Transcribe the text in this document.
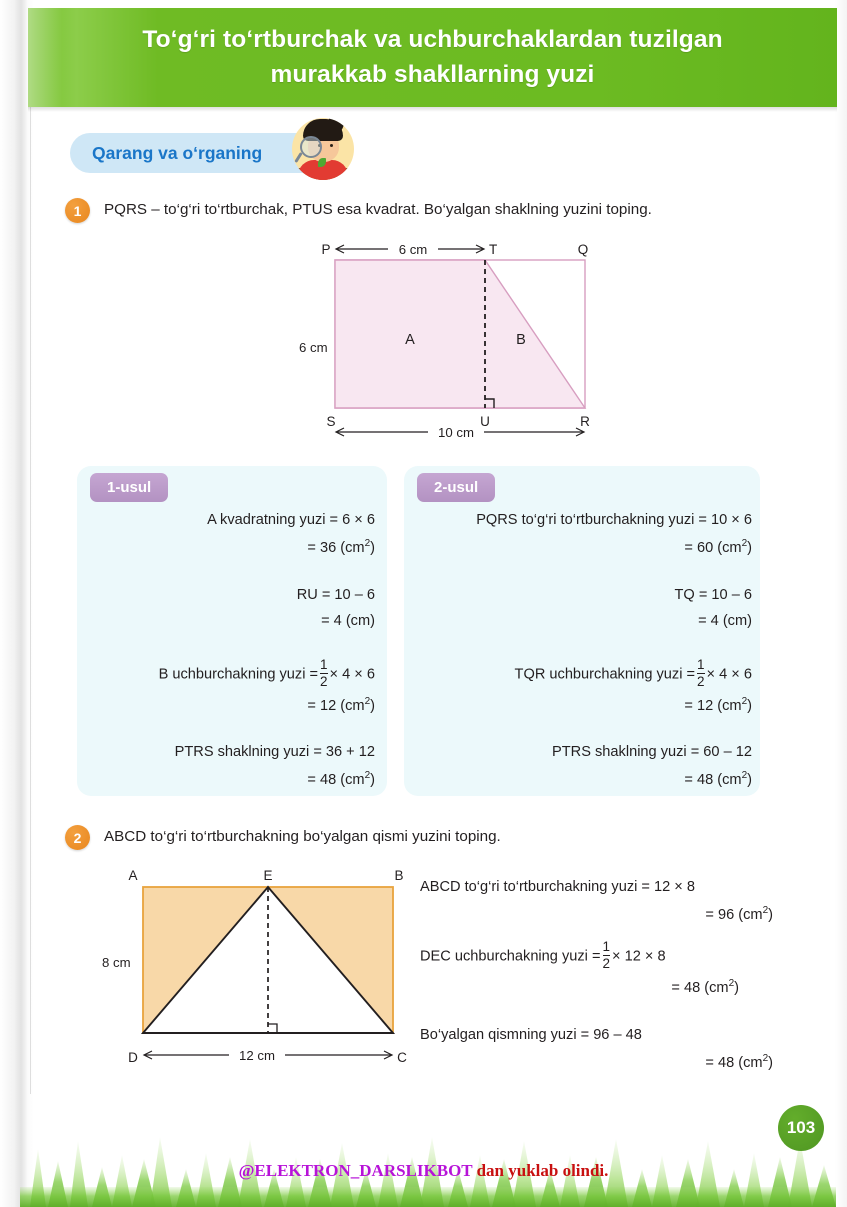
To‘g‘ri to‘rtburchak va uchburchaklardan tuzilgan
murakkab shakllarning yuzi
Qarang va o‘rganing
1	PQRS – to‘g‘ri to‘rtburchak, PTUS esa kvadrat. Bo‘yalgan shaklning yuzini toping.
6 cm
10 cm
P	Q
T
S	U	R
A	B
6 cm
1-usul
A kvadratning yuzi = 6 × 6
= 36 $(cm^2)$
RU = 10 – 6
= 4 (cm)
B uchburchakning yuzi = $\frac{1}{2} \times 4 \times 6$
= 12 $(cm^2)$
PTRS shaklning yuzi = 36 + 12
= 48 $(cm^2)$
2-usul
PQRS to‘g‘ri to‘rtburchakning yuzi = 10 × 6
= 60 $(cm^2)$
TQ = 10 – 6
= 4 (cm)
TQR uchburchakning yuzi = $\frac{1}{2} \times 4 \times 6$
= 12 $(cm^2)$
PTRS shaklning yuzi = 60 – 12
= 48 $(cm^2)$
2	ABCD to‘g‘ri to‘rtburchakning bo‘yalgan qismi yuzini toping.
12 cm
A	B
E
D	C
8 cm
ABCD to‘g‘ri to‘rtburchakning yuzi = 12 × 8
= 96 $(cm^2)$
DEC uchburchakning yuzi = $\frac{1}{2} \times 12 \times 8$
= 48 $(cm^2)$
Bo‘yalgan qismning yuzi = 96 – 48
= 48 $(cm^2)$
103
@ELEKTRON_DARSLIKBOT dan yuklab olindi.
